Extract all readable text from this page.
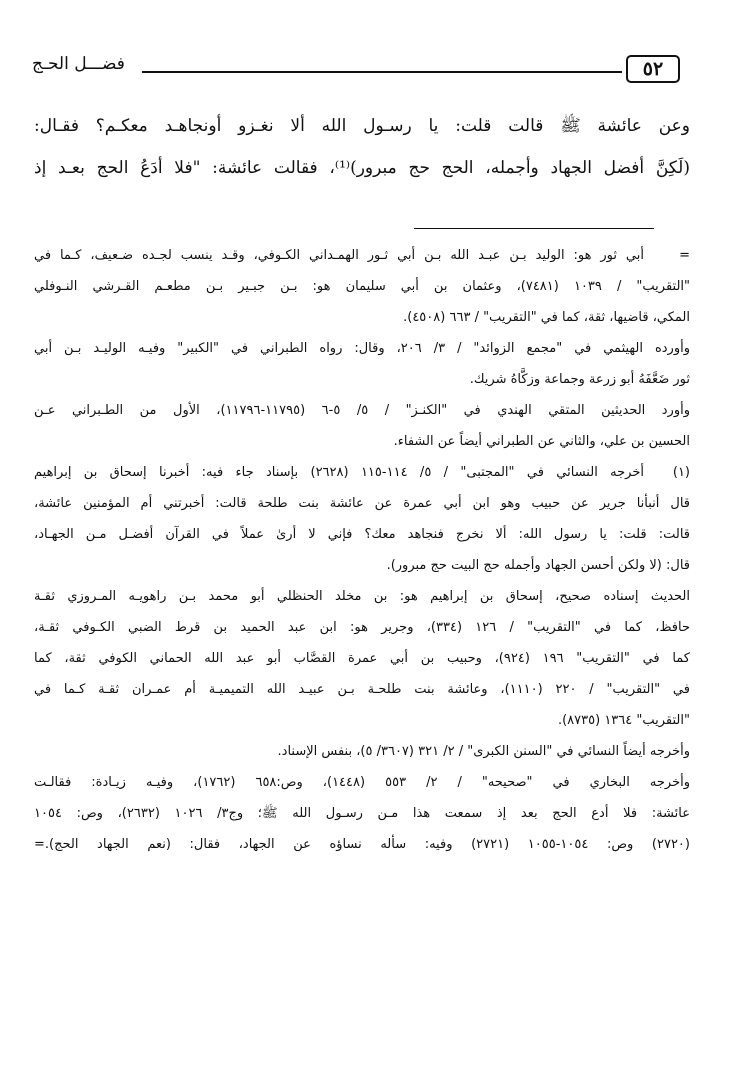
فضـــل الحـج	٥٢

وعن عائشة ﷺ قالت قلت: يا رسـول الله ألا نغـزو أونجاهـد معكـم؟ فقـال:

(لَكِنَّ أفضل الجهاد وأجمله، الحج حج مبرور)⁽¹⁾، فقالت عائشة: "فلا أدَعُ الحج بعـد إذ

=

أبي ثور هو: الوليد بـن عبـد الله بـن أبي ثـور الهمـداني الكـوفي، وقـد ينسب لجـده ضـعيف، كـما في

"التقريب" / ١٠٣٩ (٧٤٨١)، وعثمان بن أبي سليمان هو: بـن جبـير بـن مطعـم القـرشي النـوفلي

المكي، قاضيها، ثقة، كما في "التقريب" / ٦٦٣ (٤٥٠٨).

وأورده الهيثمي في "مجمع الزوائد" / ٣/ ٢٠٦، وقال: رواه الطبراني في "الكبير" وفيـه الوليـد بـن أبي

ثور ضَعَّفَهُ أبو زرعة وجماعة وزكَّاهُ شريك.

وأورد الحديثين المتقي الهندي في "الكنـز" / ٥/ ٥-٦ (١١٧٩٥-١١٧٩٦)، الأول من الطـبراني عـن

الحسين بن علي، والثاني عن الطبراني أيضاً عن الشفاء.

(١)

أخرجه النسائي في "المجتبى" / ٥/ ١١٤-١١٥ (٢٦٢٨) بإسناد جاء فيه: أخبرنا إسحاق بن إبراهيم

قال أنبأنا جرير عن حبيب وهو ابن أبي عمرة عن عائشة بنت طلحة قالت: أخبرتني أم المؤمنين عائشة،

قالت: قلت: يا رسول الله: ألا نخرج فنجاهد معك؟ فإني لا أرىٰ عملاً في القرآن أفضـل مـن الجهـاد،

قال: (لا ولكن أحسن الجهاد وأجمله حج البيت حج مبرور).

الحديث إسناده صحيح، إسحاق بن إبراهيم هو: بن مخلد الحنظلي أبو محمد بـن راهويـه المـروزي ثقـة

حافظ، كما في "التقريب" / ١٢٦ (٣٣٤)، وجرير هو: ابن عبد الحميد بن قرط الضبي الكـوفي ثقـة،

كما في "التقريب" ١٩٦ (٩٢٤)، وحبيب بن أبي عمرة القصَّاب أبو عبد الله الحماني الكوفي ثقة، كما

في "التقريب" / ٢٢٠ (١١١٠)، وعائشة بنت طلحـة بـن عبيـد الله التميميـة أم عمـران ثقـة كـما في

"التقريب" ١٣٦٤ (٨٧٣٥).

وأخرجه أيضاً النسائي في "السنن الكبرى" / ٢/ ٣٢١ (٣٦٠٧/ ٥)، بنفس الإسناد.

وأخرجه البخاري في "صحيحه" / ٢/ ٥٥٣ (١٤٤٨)، وص:٦٥٨ (١٧٦٢)، وفيـه زيـادة: فقالـت

عائشة: فلا أدع الحج بعد إذ سمعت هذا مـن رسـول الله ﷺ؛ وج٣/ ١٠٢٦ (٢٦٣٢)، وص: ١٠٥٤

(٢٧٢٠) وص: ١٠٥٤-١٠٥٥ (٢٧٢١) وفيه: سأله نساؤه عن الجهاد، فقال: (نعم الجهاد الحج).=
